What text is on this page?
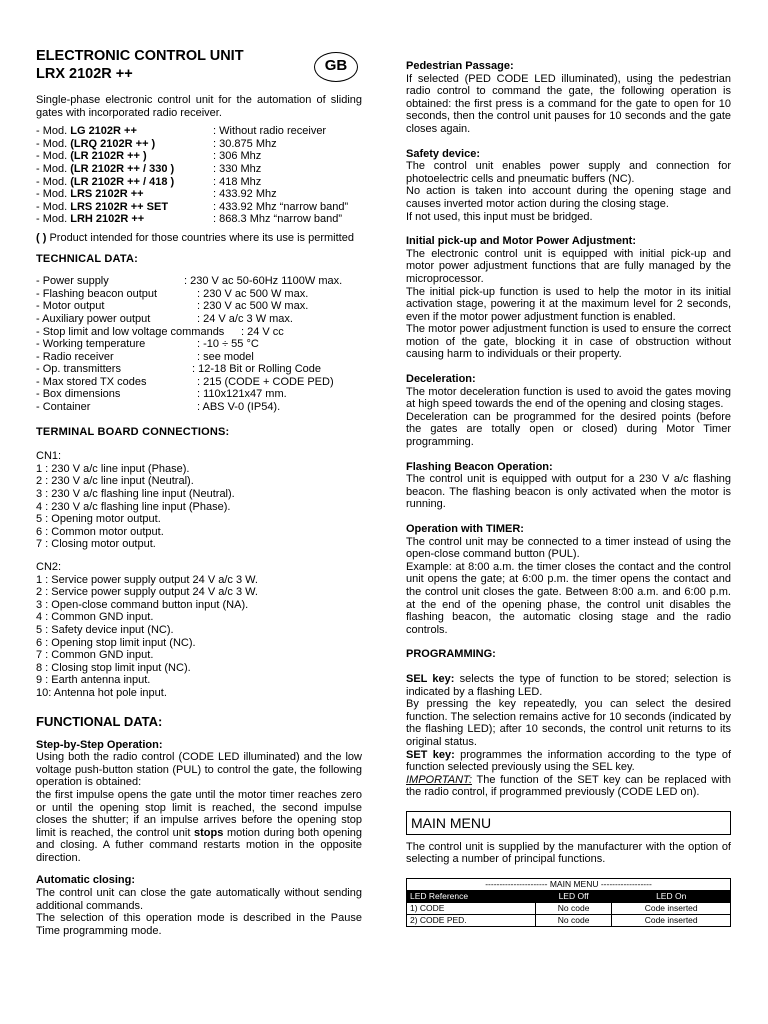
ELECTRONIC CONTROL UNIT
LRX 2102R ++	GB

Single-phase electronic control unit for the automation of sliding gates with incorporated radio receiver.

- Mod. LG 2102R ++	: Without radio receiver
- Mod. (LRQ 2102R ++ )	: 30.875 Mhz
- Mod. (LR 2102R ++ )	: 306 Mhz
- Mod. (LR 2102R ++ / 330 )	: 330 Mhz
- Mod. (LR 2102R ++ / 418 )	: 418 Mhz
- Mod. LRS 2102R ++	: 433.92 Mhz
- Mod. LRS 2102R ++ SET	: 433.92 Mhz “narrow band”
- Mod. LRH 2102R ++	: 868.3 Mhz “narrow band”

( ) Product intended for those countries where its use is permitted

TECHNICAL DATA:
- Power supply	: 230 V ac 50-60Hz 1100W max.
- Flashing beacon output	: 230 V ac 500 W max.
- Motor output	: 230 V ac 500 W max.
- Auxiliary power output	: 24 V a/c 3 W max.
- Stop limit and low voltage commands : 24 V cc
- Working temperature	: -10 ÷ 55 °C
- Radio receiver	: see model
- Op. transmitters	: 12-18 Bit or Rolling Code
- Max stored TX codes	: 215 (CODE + CODE PED)
- Box dimensions	: 110x121x47 mm.
- Container	: ABS V-0 (IP54).
TERMINAL BOARD CONNECTIONS:
CN1:
1 : 230 V a/c line input (Phase).
2 : 230 V a/c line input (Neutral).
3 : 230 V a/c flashing line input (Neutral).
4 : 230 V a/c flashing line input (Phase).
5 : Opening motor output.
6 : Common motor output.
7 : Closing motor output.
CN2:
1 : Service power supply output 24 V a/c 3 W.
2 : Service power supply output 24 V a/c 3 W.
3 : Open-close command button input (NA).
4 : Common GND input.
5 : Safety device input (NC).
6 : Opening stop limit input (NC).
7 : Common GND input.
8 : Closing stop limit input (NC).
9 : Earth antenna input.
10: Antenna hot pole input.
FUNCTIONAL DATA:
Step-by-Step Operation:

Using both the radio control (CODE LED illuminated) and the low voltage push-button station (PUL) to control the gate, the following operation is obtained:

the first impulse opens the gate until the motor timer reaches zero or until the opening stop limit is reached, the second impulse closes the shutter; if an impulse arrives before the opening stop limit is reached, the control unit stops motion during both opening and closing. A futher command restarts motion in the opposite direction.

Automatic closing:

The control unit can close the gate automatically without sending additional commands.

The selection of this operation mode is described in the Pause Time programming mode.

Pedestrian Passage:

If selected (PED CODE LED illuminated), using the pedestrian radio control to command the gate, the following operation is obtained: the first press is a command for the gate to open for 10 seconds, then the control unit pauses for 10 seconds and the gate closes again.

Safety device:

The control unit enables power supply and connection for photoelectric cells and pneumatic buffers (NC).

No action is taken into account during the opening stage and causes inverted motor action during the closing stage.

If not used, this input must be bridged.

Initial pick-up and Motor Power Adjustment:

The electronic control unit is equipped with initial pick-up and motor power adjustment functions that are fully managed by the microprocessor.

The initial pick-up function is used to help the motor in its initial activation stage, powering it at the maximum level for 2 seconds, even if the motor power adjustment function is enabled.

The motor power adjustment function is used to ensure the correct motion of the gate, blocking it in case of obstruction without causing harm to individuals or their property.

Deceleration:

The motor deceleration function is used to avoid the gates moving at high speed towards the end of the opening and closing stages.

Deceleration can be programmed for the desired points (before the gates are totally open or closed) during Motor Timer programming.

Flashing Beacon Operation:

The control unit is equipped with output for a 230 V a/c flashing beacon. The flashing beacon is only activated when the motor is running.

Operation with TIMER:

The control unit may be connected to a timer instead of using the open-close command button (PUL).

Example: at 8:00 a.m. the timer closes the contact and the control unit opens the gate; at 6:00 p.m. the timer opens the contact and the control unit closes the gate. Between 8:00 a.m. and 6:00 p.m. at the end of the opening phase, the control unit disables the flashing beacon, the automatic closing stage and the radio controls.

PROGRAMMING:

SEL key: selects the type of function to be stored; selection is indicated by a flashing LED.

By pressing the key repeatedly, you can select the desired function. The selection remains active for 10 seconds (indicated by the flashing LED); after 10 seconds, the control unit returns to its original status.

SET key: programmes the information according to the type of function selected previously using the SEL key.

IMPORTANT: The function of the SET key can be replaced with the radio control, if programmed previously (CODE LED on).

MAIN MENU

The control unit is supplied by the manufacturer with the option of selecting a number of principal functions.

---------------------- MAIN MENU ------------------		
LED Reference	LED Off	LED On
1) CODE	No code	Code inserted
2) CODE PED.	No code	Code inserted
